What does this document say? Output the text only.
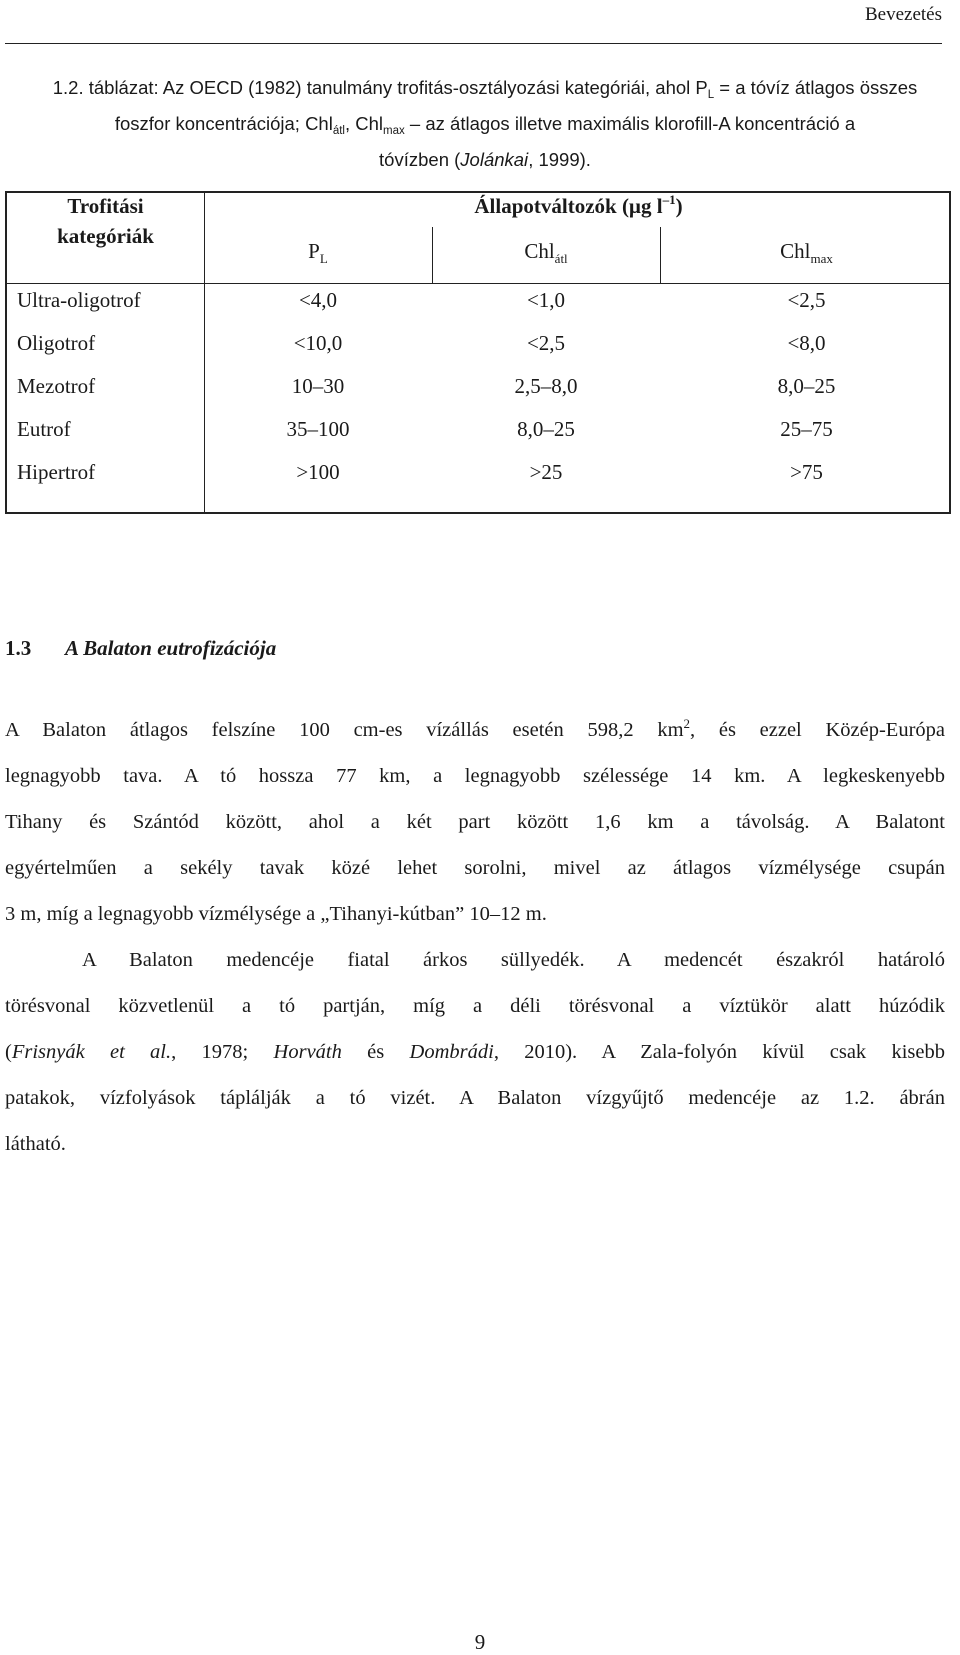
Bevezetés
1.2. táblázat: Az OECD (1982) tanulmány trofitás-osztályozási kategóriái, ahol $P_L = a$ tóvíz átlagos összes
foszfor koncentrációja; Chl$_{átl}$, Chl$_{max}$ – az átlagos illetve maximális klorofill-A koncentráció a
tóvízben (Jolánkai, 1999).
Trofitási
kategóriák
Állapotváltozók (µg $l^{-1}$)
$P_L$	Chl$_{átl}$	Chl$_{max}$
Ultra-oligotrof	<4,0	<1,0	<2,5
Oligotrof	<10,0	<2,5	<8,0
Mezotrof	10–30	2,5–8,0	8,0–25
Eutrof	35–100	8,0–25	25–75
Hipertrof	>100	>25	>75
1.3 A Balaton eutrofizációja
A Balaton átlagos felszíne 100 cm-es vízállás esetén 598,2 $km^2$, és ezzel Közép-Európa
legnagyobb tava. A tó hossza 77 km, a legnagyobb szélessége 14 km. A legkeskenyebb
Tihany és Szántód között, ahol a két part között 1,6 km a távolság. A Balatont
egyértelműen a sekély tavak közé lehet sorolni, mivel az átlagos vízmélysége csupán
3 m, míg a legnagyobb vízmélysége a „Tihanyi-kútban” 10–12 m.
A Balaton medencéje fiatal árkos süllyedék. A medencét északról határoló
törésvonal közvetlenül a tó partján, míg a déli törésvonal a víztükör alatt húzódik
(Frisnyák et al., 1978; Horváth és Dombrádi, 2010). A Zala-folyón kívül csak kisebb
patakok, vízfolyások táplálják a tó vizét. A Balaton vízgyűjtő medencéje az 1.2. ábrán
látható.
9
